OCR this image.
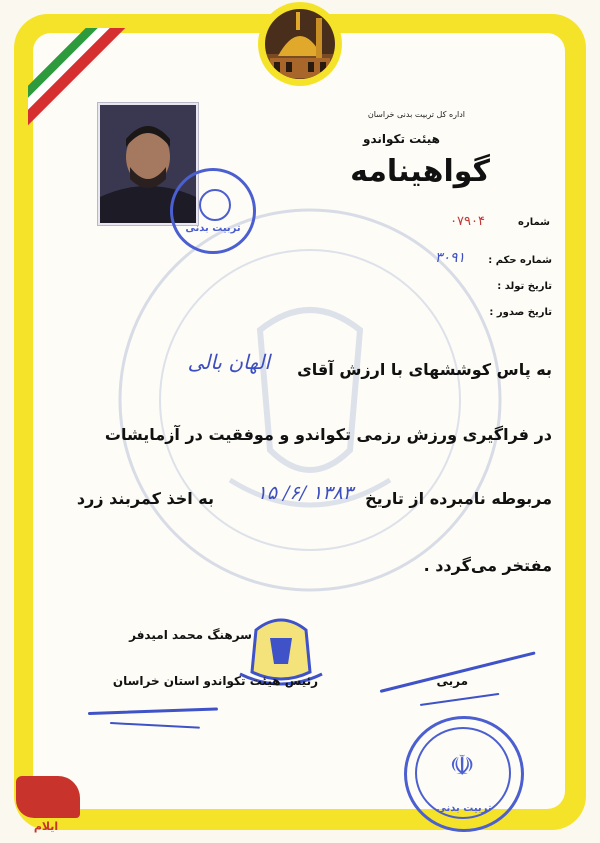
✾
اداره کل تربیت بدنی خراسان
هیئت تکواندو
گواهینامه
تربیت بدنی
شماره
۰۷۹۰۴
شماره حکم :
۳۰۹۱
تاریخ تولد :
تاریخ صدور :
به پاس کوششهای با ارزش آقای
الهان بالی
در فراگیری ورزش رزمی تکواندو و موفقیت در آزمایشات
مربوطه نامبرده از تاریخ
۱۳۸۳ /۶/ ۱۵
به اخذ کمربند زرد
مفتخر می‌گردد .
سرهنگ محمد امیدفر
رئیس هیئت تکواندو استان خراسان	مربی
☫
تربیت بدنی
ایلام
